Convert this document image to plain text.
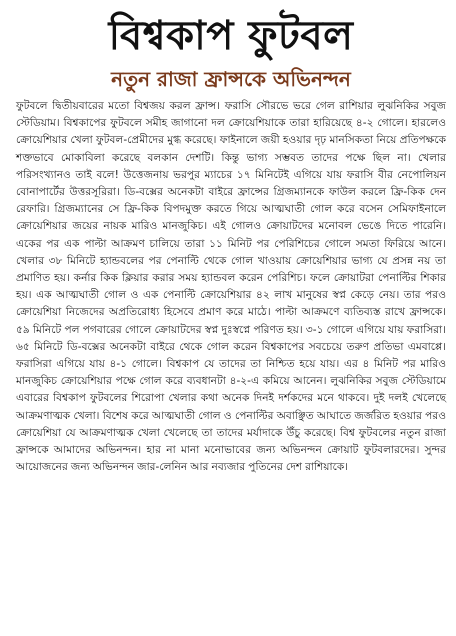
বিশ্বকাপ ফুটবল
নতুন রাজা ফ্রান্সকে অভিনন্দন

ফুটবলে দ্বিতীয়বারের মতো বিশ্বজয় করল ফ্রান্স। ফরাসি সৌরভে ভরে গেল রাশিয়ার লুঝনিকির সবুজ স্টেডিয়াম। বিশ্বকাপের ফুটবলে সমীহ জাগানো দল ক্রোয়েশিয়াকে তারা হারিয়েছে ৪-২ গোলে। হারলেও ক্রোয়েশিয়ার খেলা ফুটবল-প্রেমীদের মুগ্ধ করেছে। ফাইনালে জয়ী হওয়ার দৃঢ় মানসিকতা নিয়ে প্রতিপক্ষকে শক্তভাবে মোকাবিলা করেছে বলকান দেশটি। কিন্তু ভাগ্য সম্ভবত তাদের পক্ষে ছিল না। খেলার পরিসংখ্যানও তাই বলে! উত্তেজনায় ভরপুর ম্যাচের ১৭ মিনিটেই এগিয়ে যায় ফরাসি বীর নেপোলিয়ন বোনাপার্টের উত্তরসূরিরা। ডি-বক্সের অনেকটা বাইরে ফ্রান্সের গ্রিজম্যানকে ফাউল করলে ফ্রি-কিক দেন রেফারি। গ্রিজম্যানের সে ফ্রি-কিক বিপদমুক্ত করতে গিয়ে আত্মঘাতী গোল করে বসেন সেমিফাইনালে ক্রোয়েশিয়ার জয়ের নায়ক মারিও মানজুকিচ। এই গোলও ক্রোয়াটদের মনোবল ভেঙে দিতে পারেনি। একের পর এক পাল্টা আক্রমণ চালিয়ে তারা ১১ মিনিট পর পেরিশিচের গোলে সমতা ফিরিয়ে আনে। খেলার ৩৮ মিনিটে হ্যান্ডবলের পর পেনাল্টি থেকে গোল খাওয়ায় ক্রোয়েশিয়ার ভাগ্য যে প্রসন্ন নয় তা প্রমাণিত হয়। কর্নার কিক ক্লিয়ার করার সময় হ্যান্ডবল করেন পেরিশিচ। ফলে ক্রোয়াটরা পেনাল্টির শিকার হয়। এক আত্মঘাতী গোল ও এক পেনাল্টি ক্রোয়েশিয়ার ৪২ লাখ মানুষের স্বপ্ন কেড়ে নেয়। তার পরও ক্রোয়েশিয়া নিজেদের অপ্রতিরোধ্য হিসেবে প্রমাণ করে মাঠে। পাল্টা আক্রমণে ব্যতিব্যস্ত রাখে ফ্রান্সকে। ৫৯ মিনিটে পল পগবারের গোলে ক্রোয়াটদের স্বপ্ন দুঃস্বপ্নে পরিণত হয়। ৩-১ গোলে এগিয়ে যায় ফরাসিরা। ৬৫ মিনিটে ডি-বক্সের অনেকটা বাইরে থেকে গোল করেন বিশ্বকাপের সবচেয়ে তরুণ প্রতিভা এমবাপ্পে। ফরাসিরা এগিয়ে যায় ৪-১ গোলে। বিশ্বকাপ যে তাদের তা নিশ্চিত হয়ে যায়। এর ৪ মিনিট পর মারিও মানজুকিচ ক্রোয়েশিয়ার পক্ষে গোল করে ব্যবধানটা ৪-২-এ কমিয়ে আনেন। লুঝনিকির সবুজ স্টেডিয়ামে এবারের বিশ্বকাপ ফুটবলের শিরোপা খেলার কথা অনেক দিনই দর্শকদের মনে থাকবে। দুই দলই খেলেছে আক্রমণাত্মক খেলা। বিশেষ করে আত্মঘাতী গোল ও পেনাল্টির অবাঞ্ছিত আঘাতে জর্জরিত হওয়ার পরও ক্রোয়েশিয়া যে আক্রমণাত্মক খেলা খেলেছে তা তাদের মর্যাদাকে উঁচু করেছে। বিশ্ব ফুটবলের নতুন রাজা ফ্রান্সকে আমাদের অভিনন্দন। হার না মানা মনোভাবের জন্য অভিনন্দন ক্রোয়াট ফুটবলারদের। সুন্দর আয়োজনের জন্য অভিনন্দন জার-লেনিন আর নব্যজার পুতিনের দেশ রাশিয়াকে।
